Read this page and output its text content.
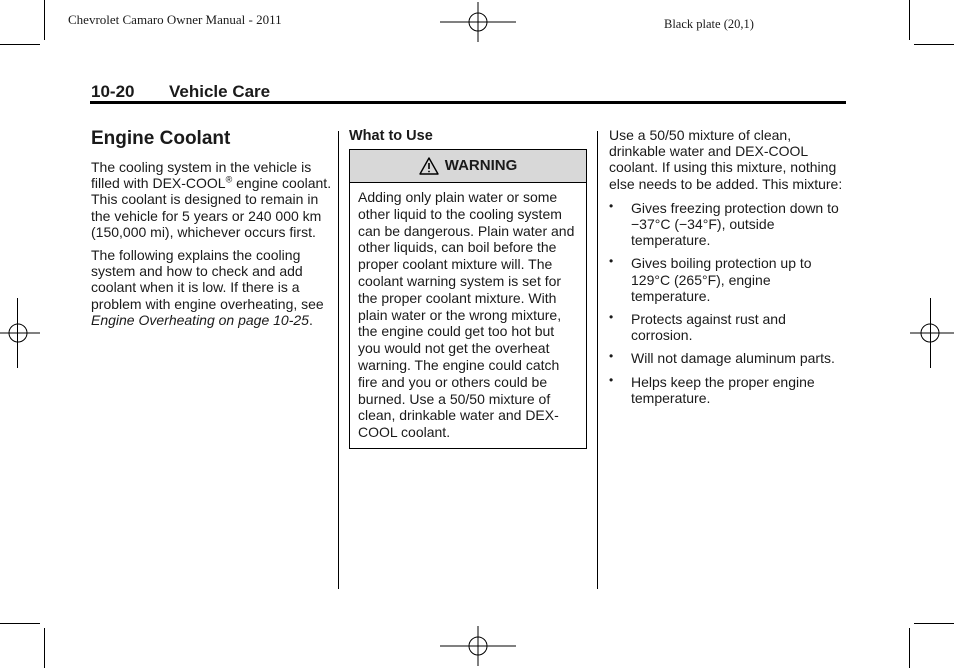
Chevrolet Camaro Owner Manual - 2011	Black plate (20,1)
10-20 Vehicle Care
Engine Coolant

The cooling system in the vehicle is filled with DEX-COOL® engine coolant. This coolant is designed to remain in the vehicle for 5 years or 240 000 km (150,000 mi), whichever occurs first.

The following explains the cooling system and how to check and add coolant when it is low. If there is a problem with engine overheating, see Engine Overheating on page 10-25.

What to Use
WARNING
Adding only plain water or some other liquid to the cooling system can be dangerous. Plain water and other liquids, can boil before the proper coolant mixture will. The coolant warning system is set for the proper coolant mixture. With plain water or the wrong mixture, the engine could get too hot but you would not get the overheat warning. The engine could catch fire and you or others could be burned. Use a 50/50 mixture of clean, drinkable water and DEX-COOL coolant.

Use a 50/50 mixture of clean, drinkable water and DEX-COOL coolant. If using this mixture, nothing else needs to be added. This mixture:

• Gives freezing protection down to −37°C (−34°F), outside temperature.
• Gives boiling protection up to 129°C (265°F), engine temperature.
• Protects against rust and corrosion.
• Will not damage aluminum parts.
• Helps keep the proper engine temperature.
